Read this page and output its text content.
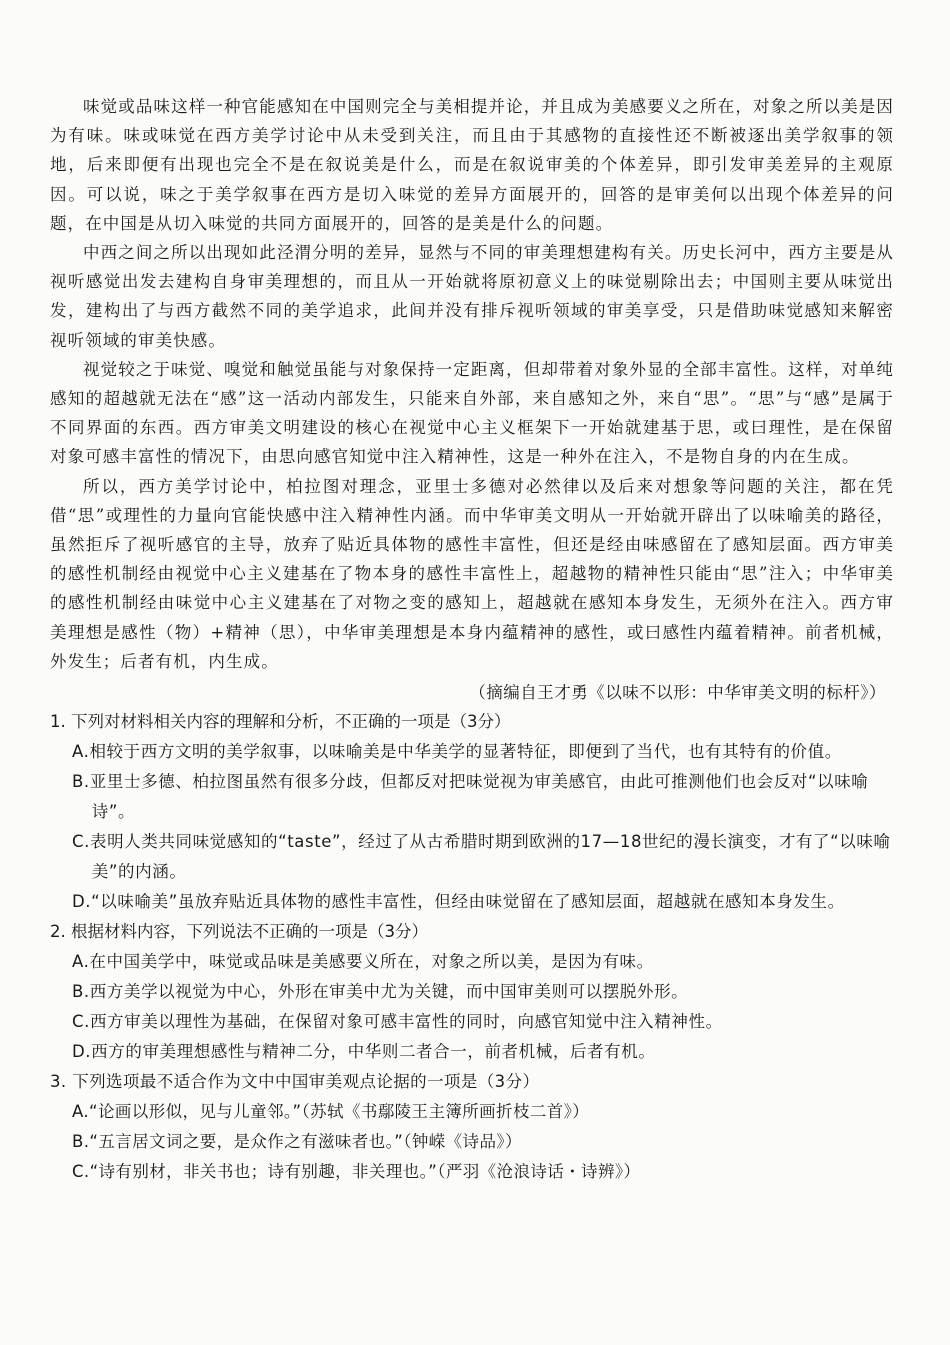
味觉或品味这样一种官能感知在中国则完全与美相提并论，并且成为美感要义之所在，对象之所以美是因为有味。味或味觉在西方美学讨论中从未受到关注，而且由于其感物的直接性还不断被逐出美学叙事的领地，后来即便有出现也完全不是在叙说美是什么，而是在叙说审美的个体差异，即引发审美差异的主观原因。可以说，味之于美学叙事在西方是切入味觉的差异方面展开的，回答的是审美何以出现个体差异的问题，在中国是从切入味觉的共同方面展开的，回答的是美是什么的问题。

中西之间之所以出现如此泾渭分明的差异，显然与不同的审美理想建构有关。历史长河中，西方主要是从视听感觉出发去建构自身审美理想的，而且从一开始就将原初意义上的味觉剔除出去；中国则主要从味觉出发，建构出了与西方截然不同的美学追求，此间并没有排斥视听领域的审美享受，只是借助味觉感知来解密视听领域的审美快感。

视觉较之于味觉、嗅觉和触觉虽能与对象保持一定距离，但却带着对象外显的全部丰富性。这样，对单纯感知的超越就无法在“感”这一活动内部发生，只能来自外部，来自感知之外，来自“思”。“思”与“感”是属于不同界面的东西。西方审美文明建设的核心在视觉中心主义框架下一开始就建基于思，或曰理性，是在保留对象可感丰富性的情况下，由思向感官知觉中注入精神性，这是一种外在注入，不是物自身的内在生成。

所以，西方美学讨论中，柏拉图对理念，亚里士多德对必然律以及后来对想象等问题的关注，都在凭借“思”或理性的力量向官能快感中注入精神性内涵。而中华审美文明从一开始就开辟出了以味喻美的路径，虽然拒斥了视听感官的主导，放弃了贴近具体物的感性丰富性，但还是经由味感留在了感知层面。西方审美的感性机制经由视觉中心主义建基在了物本身的感性丰富性上，超越物的精神性只能由“思”注入；中华审美的感性机制经由味觉中心主义建基在了对物之变的感知上，超越就在感知本身发生，无须外在注入。西方审美理想是感性（物）+精神（思），中华审美理想是本身内蕴精神的感性，或曰感性内蕴着精神。前者机械，外发生；后者有机，内生成。

（摘编自王才勇《以味不以形：中华审美文明的标杆》）

1. 下列对材料相关内容的理解和分析，不正确的一项是（3分）

A.相较于西方文明的美学叙事，以味喻美是中华美学的显著特征，即便到了当代，也有其特有的价值。

B.亚里士多德、柏拉图虽然有很多分歧，但都反对把味觉视为审美感官，由此可推测他们也会反对“以味喻诗”。

C.表明人类共同味觉感知的“taste”，经过了从古希腊时期到欧洲的17—18世纪的漫长演变，才有了“以味喻美”的内涵。

D.“以味喻美”虽放弃贴近具体物的感性丰富性，但经由味觉留在了感知层面，超越就在感知本身发生。

2. 根据材料内容，下列说法不正确的一项是（3分）

A.在中国美学中，味觉或品味是美感要义所在，对象之所以美，是因为有味。

B.西方美学以视觉为中心，外形在审美中尤为关键，而中国审美则可以摆脱外形。

C.西方审美以理性为基础，在保留对象可感丰富性的同时，向感官知觉中注入精神性。

D.西方的审美理想感性与精神二分，中华则二者合一，前者机械，后者有机。

3. 下列选项最不适合作为文中中国审美观点论据的一项是（3分）

A.“论画以形似，见与儿童邻。”（苏轼《书鄢陵王主簿所画折枝二首》）

B.“五言居文词之要，是众作之有滋味者也。”（钟嵘《诗品》）

C.“诗有别材，非关书也；诗有别趣，非关理也。”（严羽《沧浪诗话・诗辨》）
